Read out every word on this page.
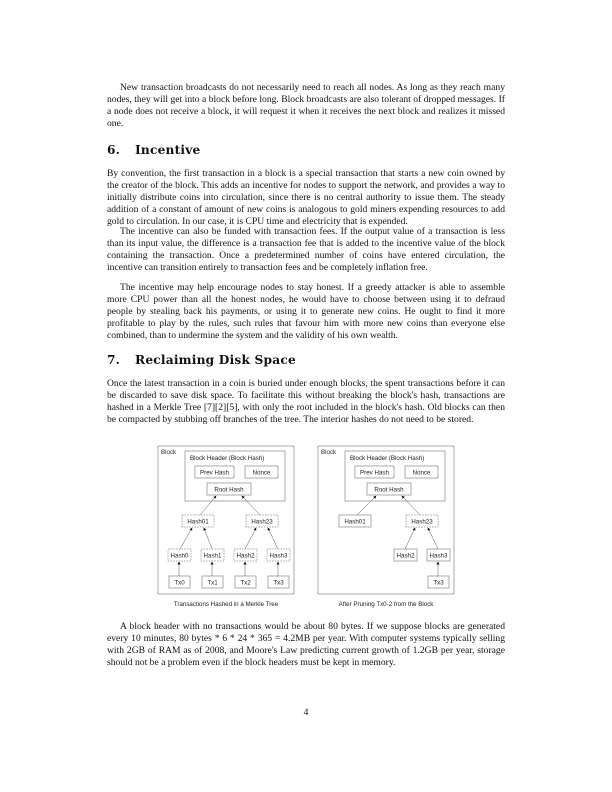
New transaction broadcasts do not necessarily need to reach all nodes. As long as they reach many nodes, they will get into a block before long. Block broadcasts are also tolerant of dropped messages. If a node does not receive a block, it will request it when it receives the next block and realizes it missed one.

6. Incentive

By convention, the first transaction in a block is a special transaction that starts a new coin owned by the creator of the block. This adds an incentive for nodes to support the network, and provides a way to initially distribute coins into circulation, since there is no central authority to issue them. The steady addition of a constant of amount of new coins is analogous to gold miners expending resources to add gold to circulation. In our case, it is CPU time and electricity that is expended.

The incentive can also be funded with transaction fees. If the output value of a transaction is less than its input value, the difference is a transaction fee that is added to the incentive value of the block containing the transaction. Once a predetermined number of coins have entered circulation, the incentive can transition entirely to transaction fees and be completely inflation free.

The incentive may help encourage nodes to stay honest. If a greedy attacker is able to assemble more CPU power than all the honest nodes, he would have to choose between using it to defraud people by stealing back his payments, or using it to generate new coins. He ought to find it more profitable to play by the rules, such rules that favour him with more new coins than everyone else combined, than to undermine the system and the validity of his own wealth.

7. Reclaiming Disk Space

Once the latest transaction in a coin is buried under enough blocks, the spent transactions before it can be discarded to save disk space. To facilitate this without breaking the block's hash, transactions are hashed in a Merkle Tree [7][2][5], with only the root included in the block's hash. Old blocks can then be compacted by stubbing off branches of the tree. The interior hashes do not need to be stored.

Block
Block Header (Block Hash)
Prev Hash	Nonce
Root Hash
Hash01	Hash23
Hash0 Hash1 Hash2 Hash3
Tx0	Tx1	Tx2	Tx3
Transactions Hashed in a Merkle Tree
Block
Block Header (Block Hash)
Prev Hash	Nonce
Root Hash
Hash01	Hash23
Hash2 Hash3
Tx3
After Pruning Tx0-2 from the Block

A block header with no transactions would be about 80 bytes. If we suppose blocks are generated every 10 minutes, 80 bytes * 6 * 24 * 365 = 4.2MB per year. With computer systems typically selling with 2GB of RAM as of 2008, and Moore's Law predicting current growth of 1.2GB per year, storage should not be a problem even if the block headers must be kept in memory.

4
